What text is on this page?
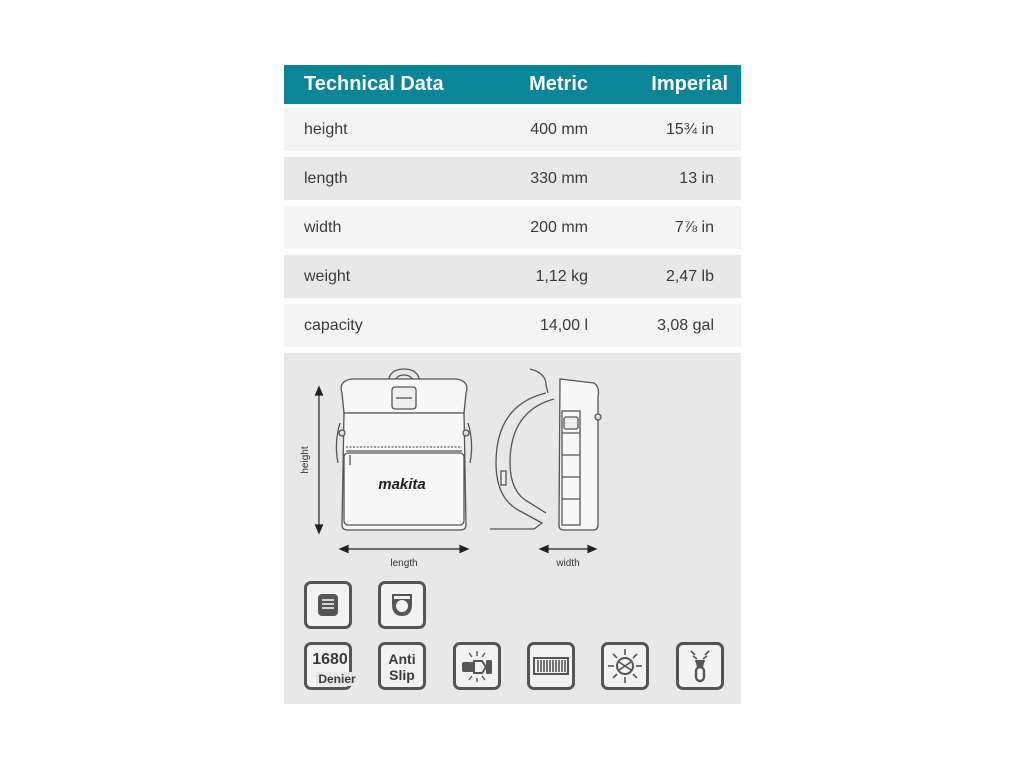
Technical Data	Metric	Imperial
height	400 mm	15¾ in
length	330 mm	13 in
width	200 mm	7⅞ in
weight	1,12 kg	2,47 lb
capacity	14,00 l	3,08 gal
height
makita
length	width
1680
Denier
Anti
Slip
